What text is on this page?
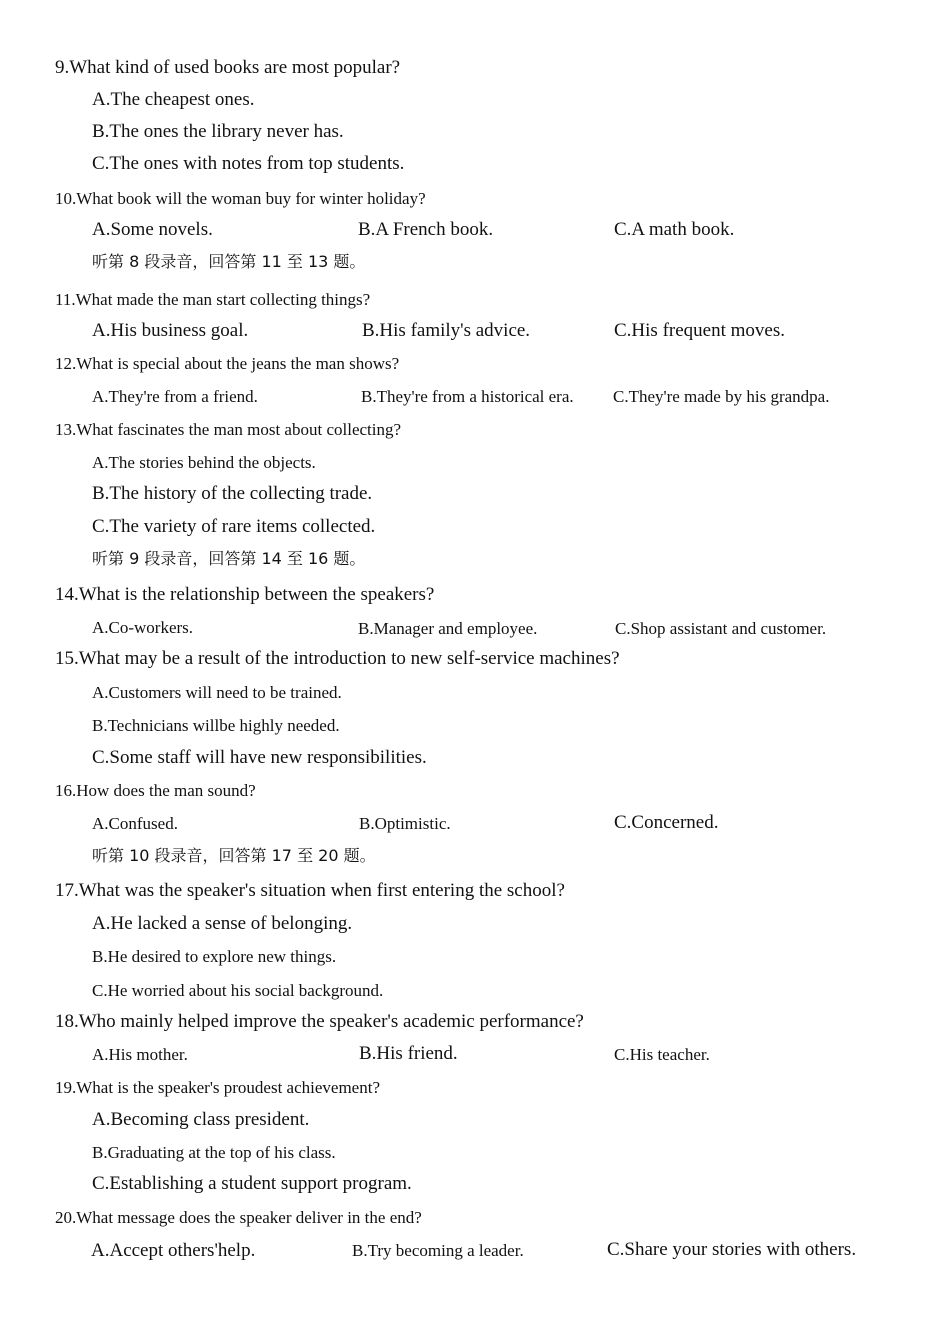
9.What kind of used books are most popular?
A.The cheapest ones.
B.The ones the library never has.
C.The ones with notes from top students.
10.What book will the woman buy for winter holiday?
A.Some novels.	B.A French book.	C.A math book.
听第 8 段录音，回答第 11 至 13 题。
11.What made the man start collecting things?
A.His business goal.	B.His family's advice.	C.His frequent moves.
12.What is special about the jeans the man shows?
A.They're from a friend.	B.They're from a historical era. C.They're made by his grandpa.
13.What fascinates the man most about collecting?
A.The stories behind the objects.
B.The history of the collecting trade.
C.The variety of rare items collected.
听第 9 段录音，回答第 14 至 16 题。
14.What is the relationship between the speakers?
A.Co-workers.	B.Manager and employee.	C.Shop assistant and customer.
15.What may be a result of the introduction to new self-service machines?
A.Customers will need to be trained.
B.Technicians willbe highly needed.
C.Some staff will have new responsibilities.
16.How does the man sound?
A.Confused.	B.Optimistic.	C.Concerned.
听第 10 段录音，回答第 17 至 20 题。
17.What was the speaker's situation when first entering the school?
A.He lacked a sense of belonging.
B.He desired to explore new things.
C.He worried about his social background.
18.Who mainly helped improve the speaker's academic performance?
A.His mother.	B.His friend.	C.His teacher.
19.What is the speaker's proudest achievement?
A.Becoming class president.
B.Graduating at the top of his class.
C.Establishing a student support program.
20.What message does the speaker deliver in the end?
A.Accept others'help.	B.Try becoming a leader.	C.Share your stories with others.
